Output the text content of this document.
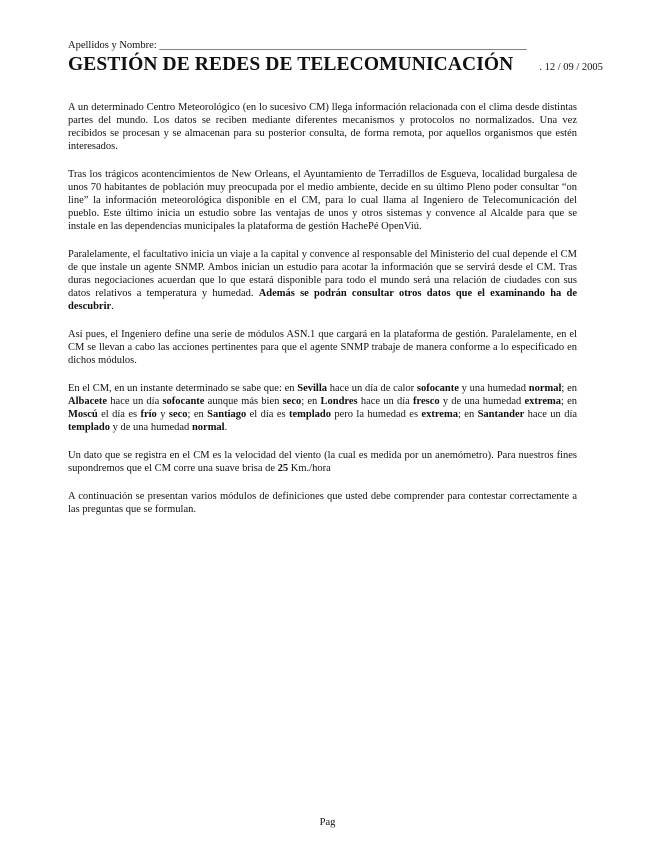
Apellidos y Nombre: ______________________________________________________________________
GESTIÓN DE REDES DE TELECOMUNICACIÓN . 12 / 09 / 2005

A un determinado Centro Meteorológico (en lo sucesivo CM) llega información relacionada con el clima desde distintas partes del mundo. Los datos se reciben mediante diferentes mecanismos y protocolos no normalizados. Una vez recibidos se procesan y se almacenan para su posterior consulta, de forma remota, por aquellos organismos que estén interesados.

Tras los trágicos acontencimientos de New Orleans, el Ayuntamiento de Terradillos de Esgueva, localidad burgalesa de unos 70 habitantes de población muy preocupada por el medio ambiente, decide en su último Pleno poder consultar “on line” la información meteorológica disponible en el CM, para lo cual llama al Ingeniero de Telecomunicación del pueblo. Este último inicia un estudio sobre las ventajas de unos y otros sistemas y convence al Alcalde para que se instale en las dependencias municipales la plataforma de gestión HachePé OpenViú.

Paralelamente, el facultativo inicia un viaje a la capital y convence al responsable del Ministerio del cual depende el CM de que instale un agente SNMP. Ambos inician un estudio para acotar la información que se servirá desde el CM. Tras duras negociaciones acuerdan que lo que estará disponible para todo el mundo será una relación de ciudades con sus datos relativos a temperatura y humedad. Además se podrán consultar otros datos que el examinando ha de descubrir.

Así pues, el Ingeniero define una serie de módulos ASN.1 que cargará en la plataforma de gestión. Paralelamente, en el CM se llevan a cabo las acciones pertinentes para que el agente SNMP trabaje de manera conforme a lo especificado en dichos módulos.

En el CM, en un instante determinado se sabe que: en Sevilla hace un día de calor sofocante y una humedad normal; en Albacete hace un día sofocante aunque más bien seco; en Londres hace un día fresco y de una humedad extrema; en Moscú el día es frío y seco; en Santiago el día es templado pero la humedad es extrema; en Santander hace un día templado y de una humedad normal.

Un dato que se registra en el CM es la velocidad del viento (la cual es medida por un anemómetro). Para nuestros fines supondremos que el CM corre una suave brisa de 25 Km./hora

A continuación se presentan varios módulos de definiciones que usted debe comprender para contestar correctamente a las preguntas que se formulan.

Pag
